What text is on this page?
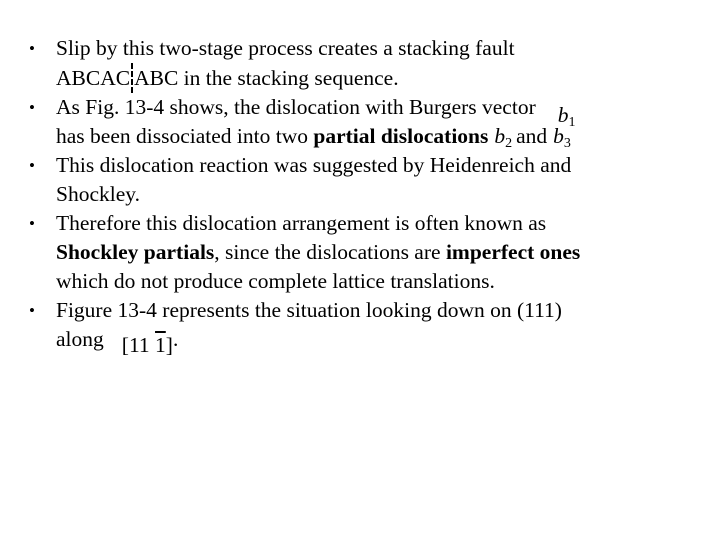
• Slip by this two-stage process creates a stacking fault
ABCAC ABC in the stacking sequence.
• As Fig. 13-4 shows, the dislocation with Burgers vector $b_1$
has been dissociated into two partial dislocations $b_2$ and $b_3$
• This dislocation reaction was suggested by Heidenreich and
Shockley.
• Therefore this dislocation arrangement is often known as
Shockley partials, since the dislocations are imperfect ones
which do not produce complete lattice translations.
• Figure 13-4 represents the situation looking down on (111)
along [11 1].
